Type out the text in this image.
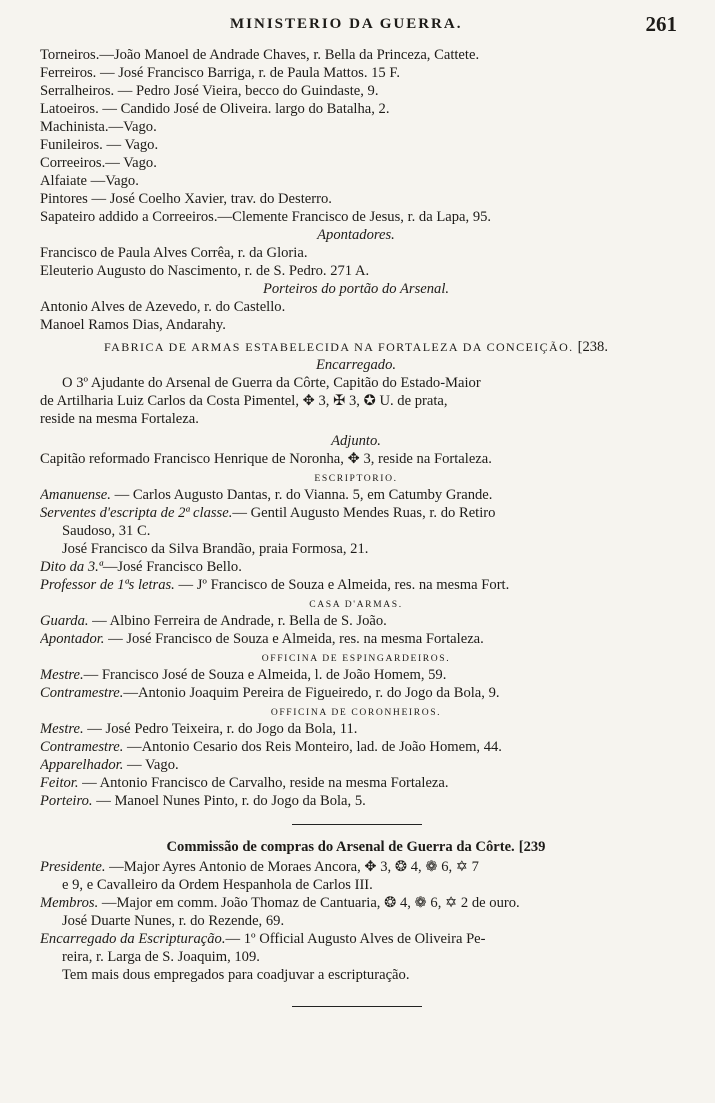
MINISTERIO DA GUERRA.	261
Torneiros.—João Manoel de Andrade Chaves, r. Bella da Princeza, Cattete.
Ferreiros. — José Francisco Barriga, r. de Paula Mattos. 15 F.
Serralheiros. — Pedro José Vieira, becco do Guindaste, 9.
Latoeiros. — Candido José de Oliveira. largo do Batalha, 2.
Machinista.—Vago.
Funileiros. — Vago.
Correeiros.— Vago.
Alfaiate —Vago.
Pintores — José Coelho Xavier, trav. do Desterro.
Sapateiro addido a Correeiros.—Clemente Francisco de Jesus, r. da Lapa, 95.
Apontadores.
Francisco de Paula Alves Corrêa, r. da Gloria.
Eleuterio Augusto do Nascimento, r. de S. Pedro. 271 A.
Porteiros do portão do Arsenal.
Antonio Alves de Azevedo, r. do Castello.
Manoel Ramos Dias, Andarahy.
FABRICA DE ARMAS ESTABELECIDA NA FORTALEZA DA CONCEIÇÃO. [238.
Encarregado.
O 3º Ajudante do Arsenal de Guerra da Côrte, Capitão do Estado-Maior
de Artilharia Luiz Carlos da Costa Pimentel, ✥ 3, ✠ 3, ✪ U. de prata,
reside na mesma Fortaleza.
Adjunto.
Capitão reformado Francisco Henrique de Noronha, ✥ 3, reside na Fortaleza.
ESCRIPTORIO.
Amanuense. — Carlos Augusto Dantas, r. do Vianna. 5, em Catumby Grande.
Serventes d'escripta de 2ª classe.— Gentil Augusto Mendes Ruas, r. do Retiro
Saudoso, 31 C.
José Francisco da Silva Brandão, praia Formosa, 21.
Dito da 3.ª—José Francisco Bello.
Professor de 1ªs letras. — Jº Francisco de Souza e Almeida, res. na mesma Fort.
CASA D'ARMAS.
Guarda. — Albino Ferreira de Andrade, r. Bella de S. João.
Apontador. — José Francisco de Souza e Almeida, res. na mesma Fortaleza.
OFFICINA DE ESPINGARDEIROS.
Mestre.— Francisco José de Souza e Almeida, l. de João Homem, 59.
Contramestre.—Antonio Joaquim Pereira de Figueiredo, r. do Jogo da Bola, 9.
OFFICINA DE CORONHEIROS.
Mestre. — José Pedro Teixeira, r. do Jogo da Bola, 11.
Contramestre. —Antonio Cesario dos Reis Monteiro, lad. de João Homem, 44.
Apparelhador. — Vago.
Feitor. — Antonio Francisco de Carvalho, reside na mesma Fortaleza.
Porteiro. — Manoel Nunes Pinto, r. do Jogo da Bola, 5.
Commissão de compras do Arsenal de Guerra da Côrte. [239
Presidente. —Major Ayres Antonio de Moraes Ancora, ✥ 3, ❂ 4, ❁ 6, ✡ 7
e 9, e Cavalleiro da Ordem Hespanhola de Carlos III.
Membros. —Major em comm. João Thomaz de Cantuaria, ❂ 4, ❁ 6, ✡ 2 de ouro.
José Duarte Nunes, r. do Rezende, 69.
Encarregado da Escripturação.— 1º Official Augusto Alves de Oliveira Pe-
reira, r. Larga de S. Joaquim, 109.
Tem mais dous empregados para coadjuvar a escripturação.
